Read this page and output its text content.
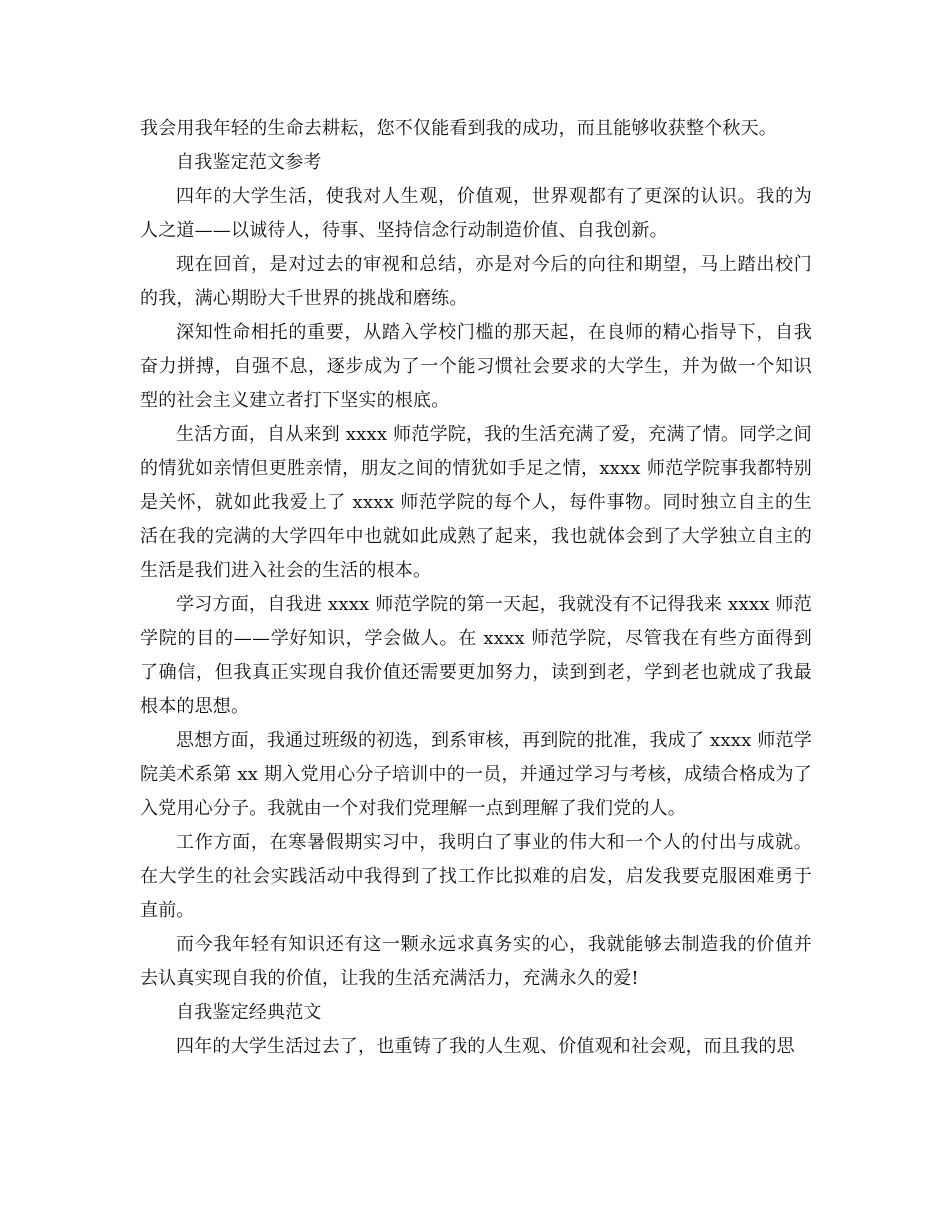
我会用我年轻的生命去耕耘，您不仅能看到我的成功，而且能够收获整个秋天。

自我鉴定范文参考

四年的大学生活，使我对人生观，价值观，世界观都有了更深的认识。我的为人之道——以诚待人，待事、坚持信念行动制造价值、自我创新。

现在回首，是对过去的审视和总结，亦是对今后的向往和期望，马上踏出校门的我，满心期盼大千世界的挑战和磨练。

深知性命相托的重要，从踏入学校门槛的那天起，在良师的精心指导下，自我奋力拼搏，自强不息，逐步成为了一个能习惯社会要求的大学生，并为做一个知识型的社会主义建立者打下坚实的根底。

生活方面，自从来到 xxxx 师范学院，我的生活充满了爱，充满了情。同学之间的情犹如亲情但更胜亲情，朋友之间的情犹如手足之情，xxxx 师范学院事我都特别是关怀，就如此我爱上了 xxxx 师范学院的每个人，每件事物。同时独立自主的生活在我的完满的大学四年中也就如此成熟了起来，我也就体会到了大学独立自主的生活是我们进入社会的生活的根本。

学习方面，自我进 xxxx 师范学院的第一天起，我就没有不记得我来 xxxx 师范学院的目的——学好知识，学会做人。在 xxxx 师范学院，尽管我在有些方面得到了确信，但我真正实现自我价值还需要更加努力，读到到老，学到老也就成了我最根本的思想。

思想方面，我通过班级的初选，到系审核，再到院的批准，我成了 xxxx 师范学院美术系第 xx 期入党用心分子培训中的一员，并通过学习与考核，成绩合格成为了入党用心分子。我就由一个对我们党理解一点到理解了我们党的人。

工作方面，在寒暑假期实习中，我明白了事业的伟大和一个人的付出与成就。在大学生的社会实践活动中我得到了找工作比拟难的启发，启发我要克服困难勇于直前。

而今我年轻有知识还有这一颗永远求真务实的心，我就能够去制造我的价值并去认真实现自我的价值，让我的生活充满活力，充满永久的爱!

自我鉴定经典范文

四年的大学生活过去了，也重铸了我的人生观、价值观和社会观，而且我的思
